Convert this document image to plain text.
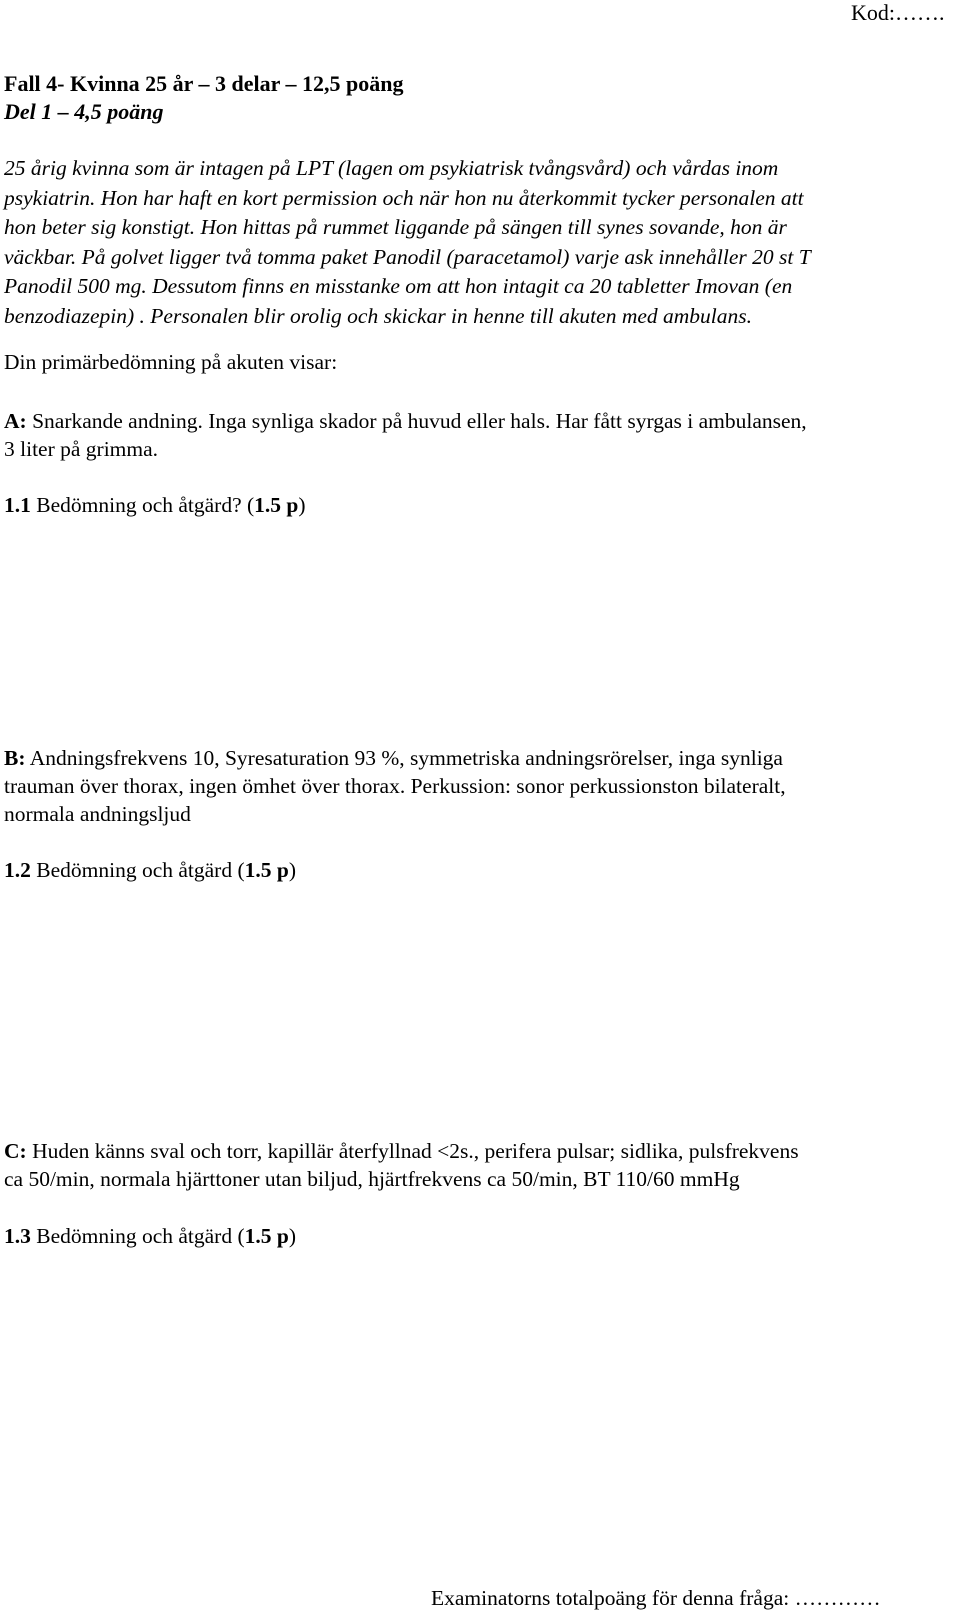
Kod:…….
Fall 4- Kvinna 25 år – 3 delar – 12,5 poäng
Del 1 – 4,5 poäng
25 årig kvinna som är intagen på LPT (lagen om psykiatrisk tvångsvård) och vårdas inom
psykiatrin. Hon har haft en kort permission och när hon nu återkommit tycker personalen att
hon beter sig konstigt. Hon hittas på rummet liggande på sängen till synes sovande, hon är
väckbar. På golvet ligger två tomma paket Panodil (paracetamol) varje ask innehåller 20 st T
Panodil 500 mg. Dessutom finns en misstanke om att hon intagit ca 20 tabletter Imovan (en
benzodiazepin) . Personalen blir orolig och skickar in henne till akuten med ambulans.
Din primärbedömning på akuten visar:
A: Snarkande andning. Inga synliga skador på huvud eller hals. Har fått syrgas i ambulansen,
3 liter på grimma.
1.1 Bedömning och åtgärd? (1.5 p)
B: Andningsfrekvens 10, Syresaturation 93 %, symmetriska andningsrörelser, inga synliga
trauman över thorax, ingen ömhet över thorax. Perkussion: sonor perkussionston bilateralt,
normala andningsljud
1.2 Bedömning och åtgärd (1.5 p)
C: Huden känns sval och torr, kapillär återfyllnad <2s., perifera pulsar; sidlika, pulsfrekvens
ca 50/min, normala hjärttoner utan biljud, hjärtfrekvens ca 50/min, BT 110/60 mmHg
1.3 Bedömning och åtgärd (1.5 p)
Examinatorns totalpoäng för denna fråga: …………
